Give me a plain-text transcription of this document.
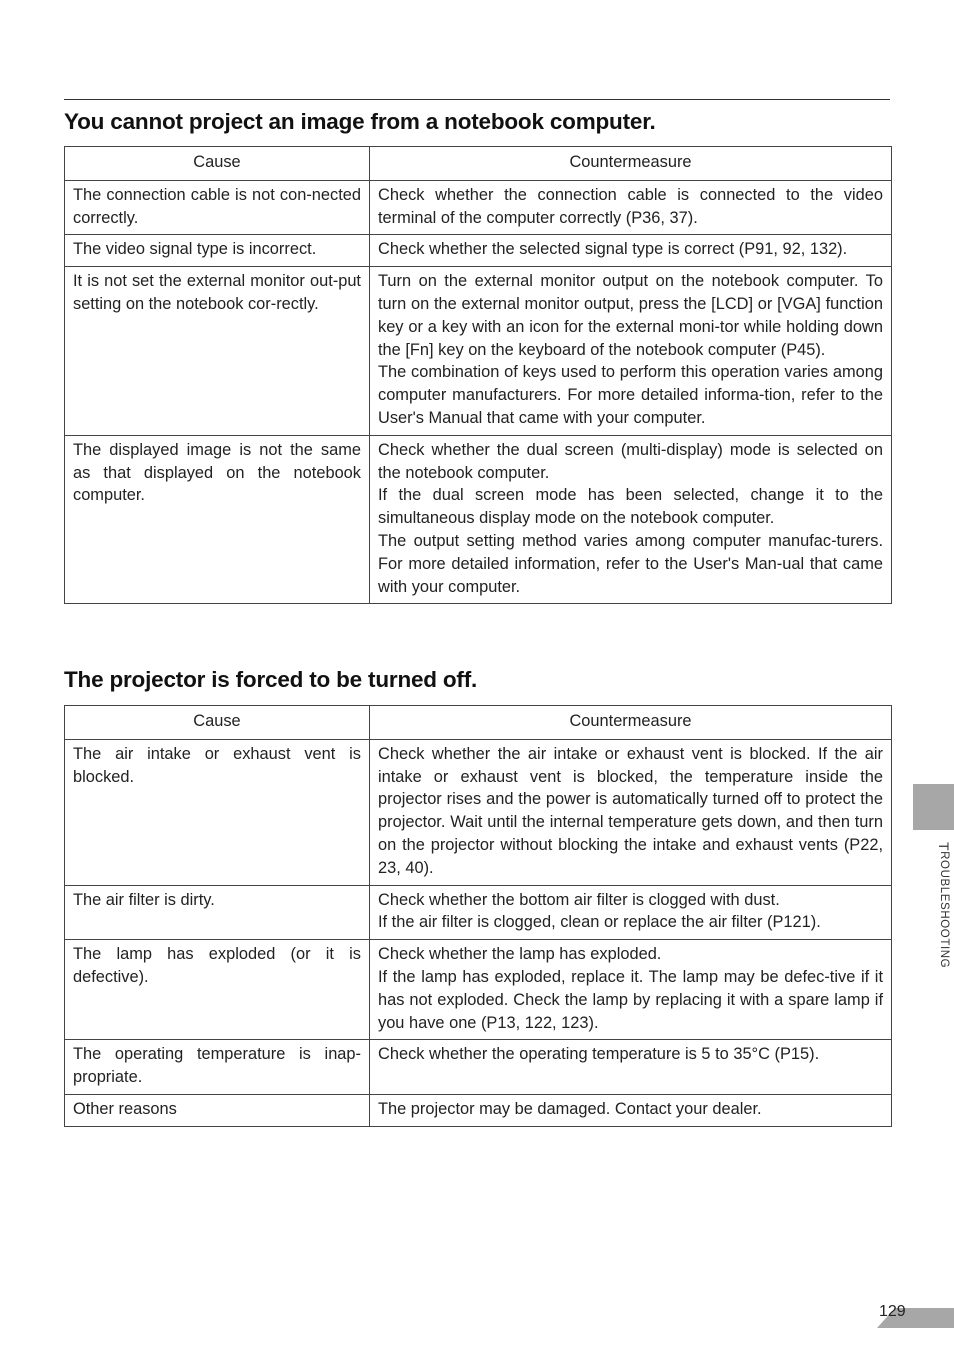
You cannot project an image from a notebook computer.
Cause	Countermeasure
The connection cable is not con-nected correctly.	Check whether the connection cable is connected to the video terminal of the computer correctly (P36, 37).
The video signal type is incorrect.	Check whether the selected signal type is correct (P91, 92, 132).
It is not set the external monitor out-put setting on the notebook cor-rectly.	Turn on the external monitor output on the notebook computer. To turn on the external monitor output, press the [LCD] or [VGA] function key or a key with an icon for the external moni-tor while holding down the [Fn] key on the keyboard of the notebook computer (P45).
The combination of keys used to perform this operation varies among computer manufacturers. For more detailed informa-tion, refer to the User's Manual that came with your computer.
The displayed image is not the same as that displayed on the notebook computer.	Check whether the dual screen (multi-display) mode is selected on the notebook computer.
If the dual screen mode has been selected, change it to the simultaneous display mode on the notebook computer.
The output setting method varies among computer manufac-turers. For more detailed information, refer to the User's Man-ual that came with your computer.
The projector is forced to be turned off.
Cause	Countermeasure
The air intake or exhaust vent is blocked.	Check whether the air intake or exhaust vent is blocked. If the air intake or exhaust vent is blocked, the temperature inside the projector rises and the power is automatically turned off to protect the projector. Wait until the internal temperature gets down, and then turn on the projector without blocking the intake and exhaust vents (P22, 23, 40).
The air filter is dirty.	Check whether the bottom air filter is clogged with dust.
If the air filter is clogged, clean or replace the air filter (P121).
The lamp has exploded (or it is defective).	Check whether the lamp has exploded.
If the lamp has exploded, replace it. The lamp may be defec-tive if it has not exploded. Check the lamp by replacing it with a spare lamp if you have one (P13, 122, 123).
The operating temperature is inap-propriate.	Check whether the operating temperature is 5 to 35°C (P15).
Other reasons	The projector may be damaged. Contact your dealer.
TROUBLESHOOTING
129
